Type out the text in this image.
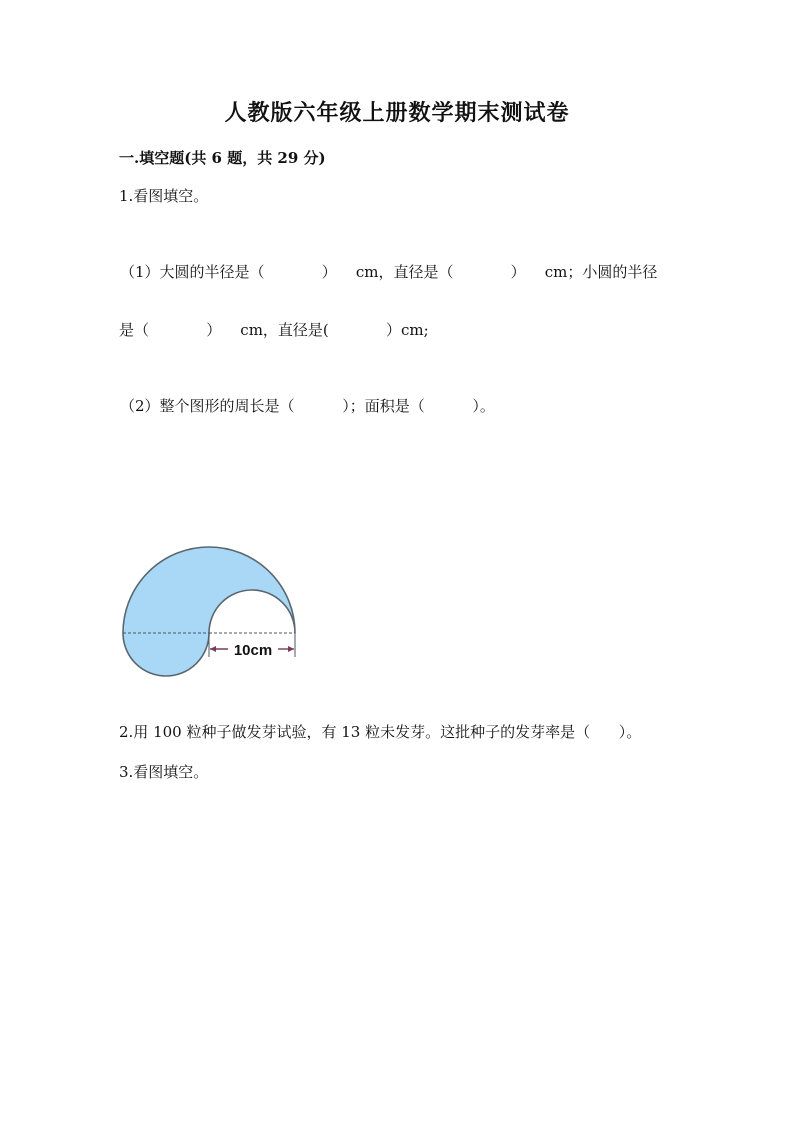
人教版六年级上册数学期末测试卷
一.填空题(共 6 题，共 29 分)
1.看图填空。
（1）大圆的半径是（            ）    cm，直径是（            ）    cm；小圆的半径
是（            ）    cm，直径是(            ）cm;
（2）整个图形的周长是（          ）；面积是（          ）。
10cm
2.用 100 粒种子做发芽试验，有 13 粒未发芽。这批种子的发芽率是（      ）。
3.看图填空。
